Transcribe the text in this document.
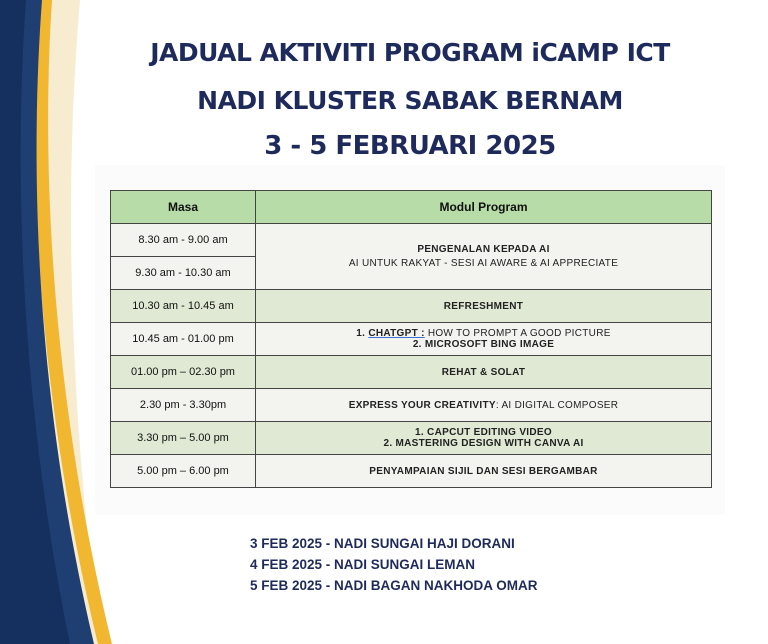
JADUAL AKTIVITI PROGRAM iCAMP ICT
NADI KLUSTER SABAK BERNAM
3 - 5 FEBRUARI 2025
Masa	Modul Program
8.30 am - 9.00 am	PENGENALAN KEPADA AI
AI UNTUK RAKYAT - SESI AI AWARE & AI APPRECIATE

9.30 am - 10.30 am	
10.30 am - 10.45 am	REFRESHMENT
10.45 am - 01.00 pm	1. CHATGPT : HOW TO PROMPT A GOOD PICTURE
2. MICROSOFT BING IMAGE

01.00 pm – 02.30 pm	REHAT & SOLAT
2.30 pm - 3.30pm	EXPRESS YOUR CREATIVITY: AI DIGITAL COMPOSER
3.30 pm – 5.00 pm	1. CAPCUT EDITING VIDEO
2. MASTERING DESIGN WITH CANVA AI

5.00 pm – 6.00 pm	PENYAMPAIAN SIJIL DAN SESI BERGAMBAR
3 FEB 2025 - NADI SUNGAI HAJI DORANI
4 FEB 2025 - NADI SUNGAI LEMAN
5 FEB 2025 - NADI BAGAN NAKHODA OMAR
